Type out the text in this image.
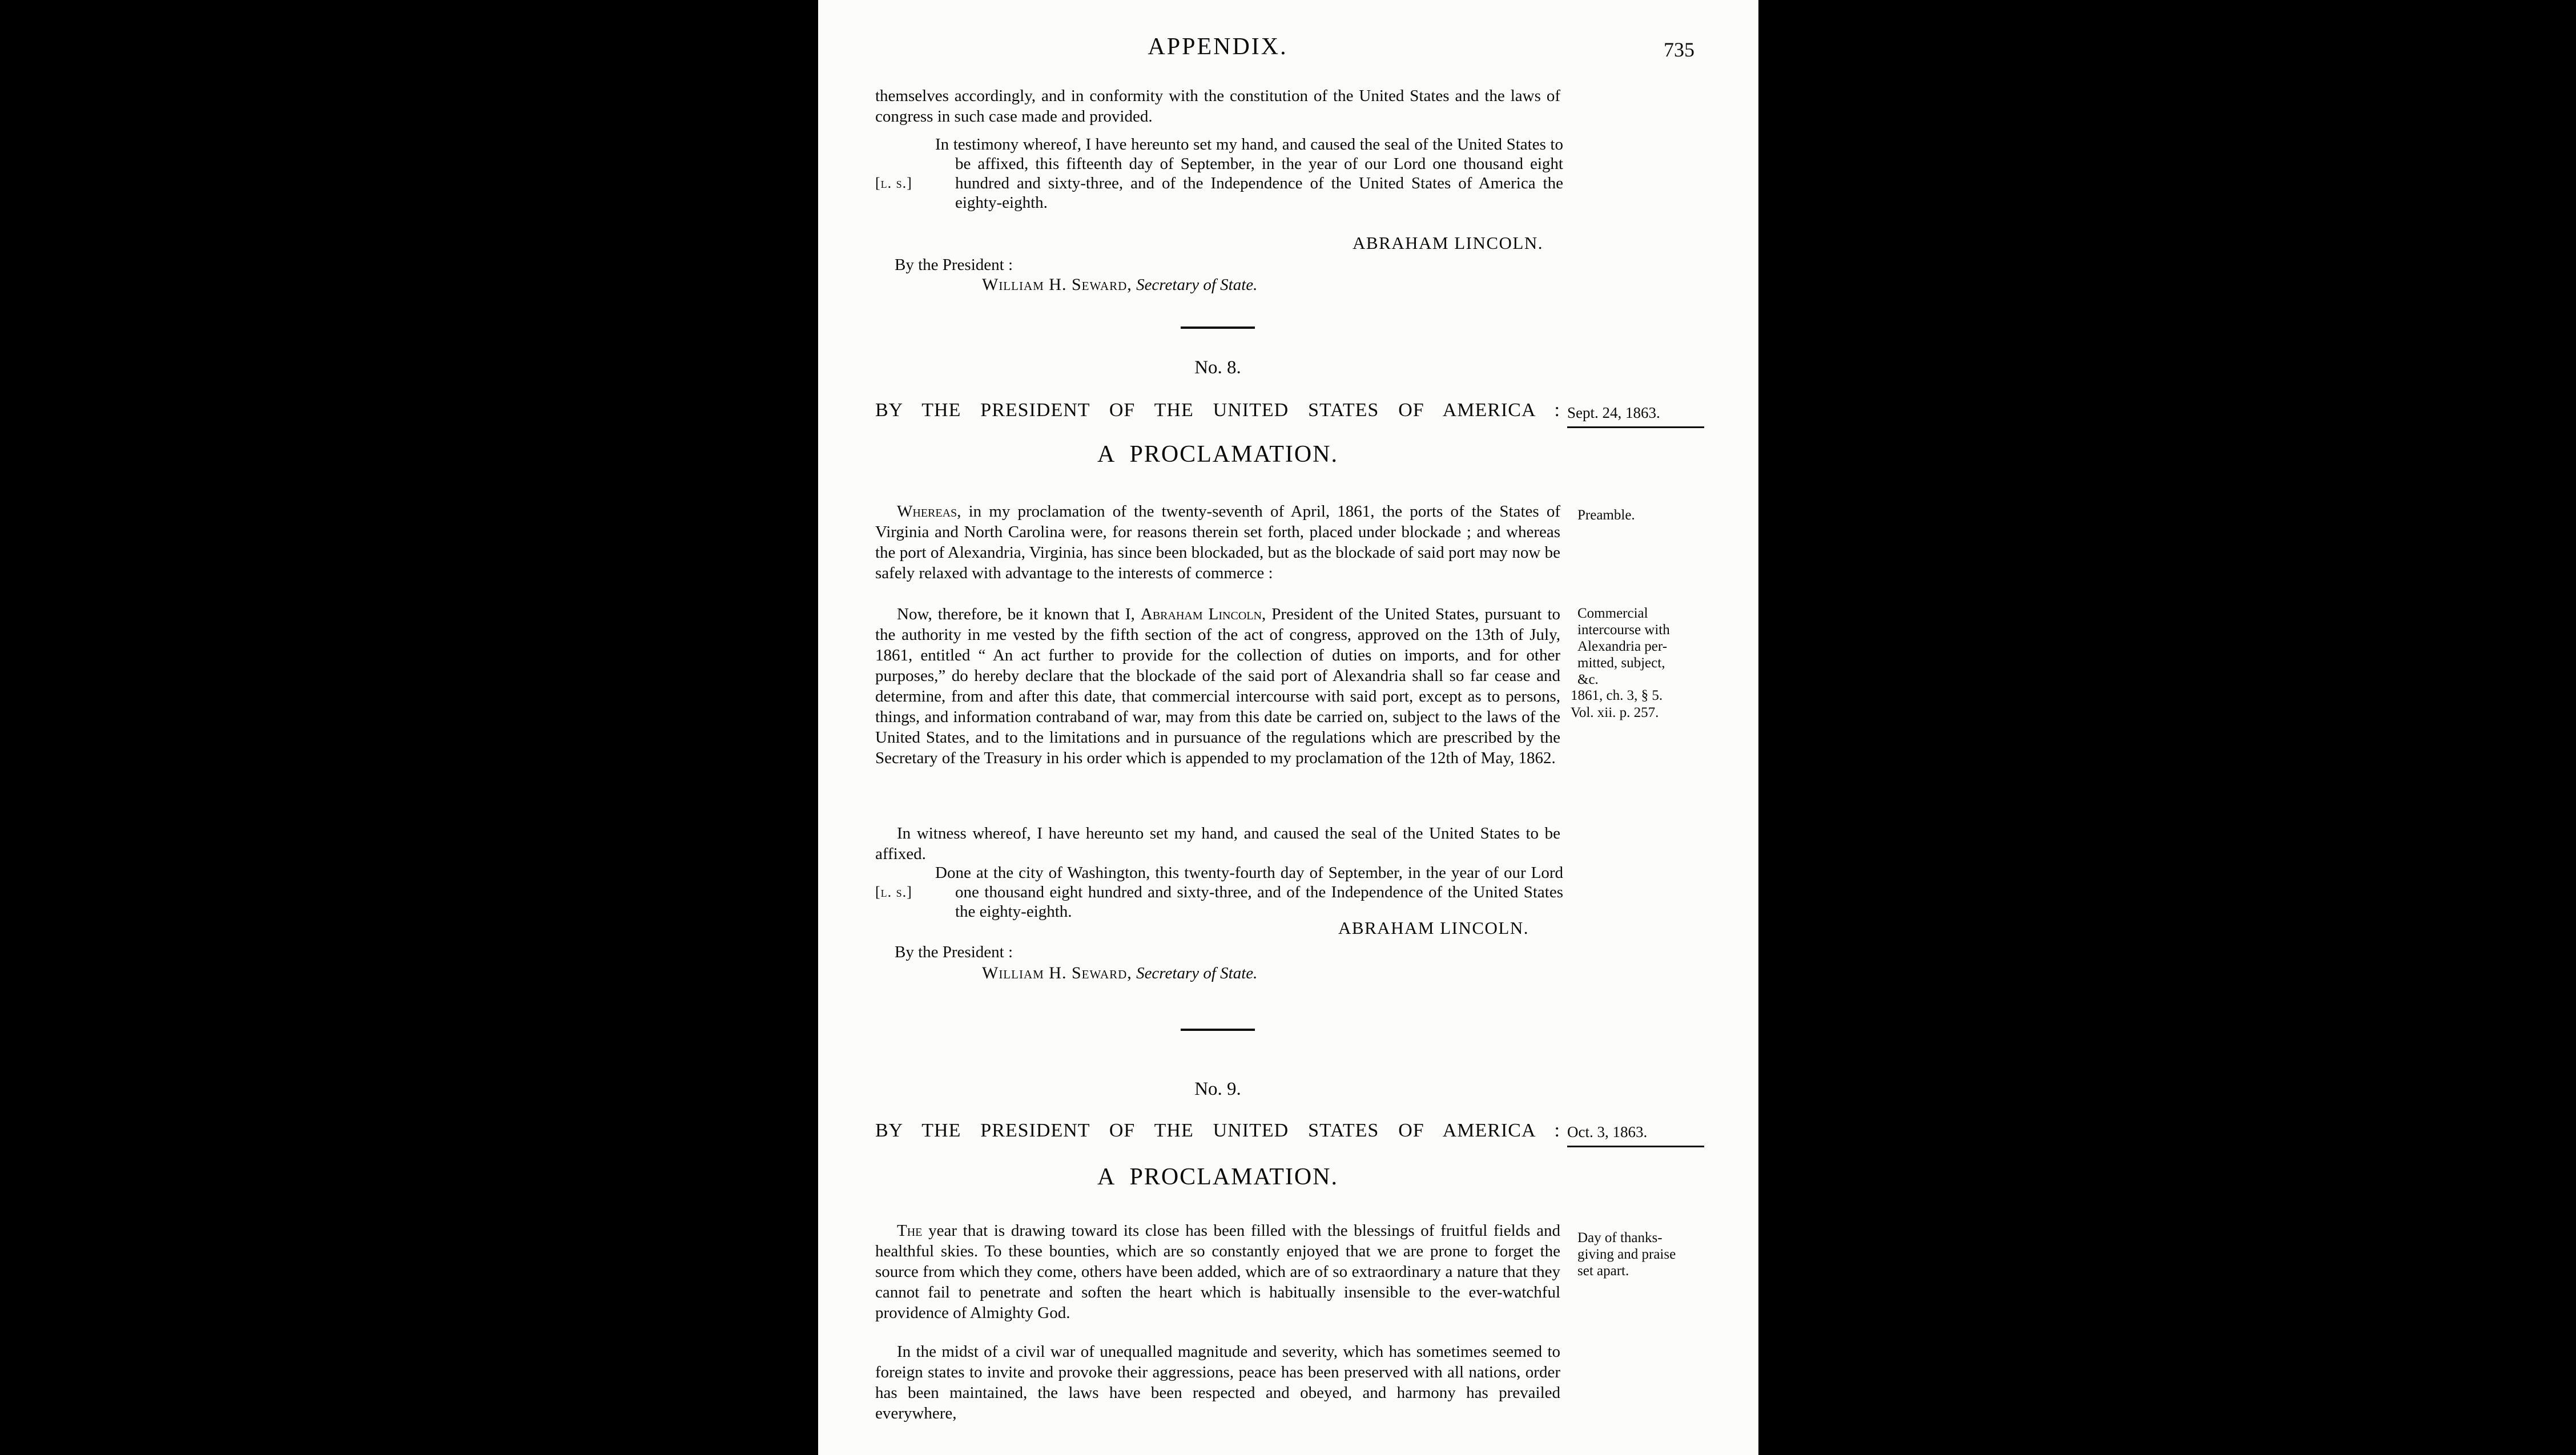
APPENDIX.	735
themselves accordingly, and in conformity with the constitution of the United States and the laws of congress in such case made and provided.
[l. s.]
In testimony whereof, I have hereunto set my hand, and caused the seal of the United States to be affixed, this fifteenth day of September, in the year of our Lord one thousand eight hundred and sixty-three, and of the Independence of the United States of America the eighty-eighth.
ABRAHAM LINCOLN.
By the President :
William H. Seward, Secretary of State.
No. 8.
BY THE PRESIDENT OF THE UNITED STATES OF AMERICA : Sept. 24, 1863.
A PROCLAMATION.
Whereas, in my proclamation of the twenty-seventh of April, 1861, the ports of the States of Virginia and North Carolina were, for reasons therein set forth, placed under blockade ; and whereas the port of Alexandria, Virginia, has since been blockaded, but as the blockade of said port may now be safely relaxed with advantage to the interests of commerce :
Preamble.
Now, therefore, be it known that I, Abraham Lincoln, President of the United States, pursuant to the authority in me vested by the fifth section of the act of congress, approved on the 13th of July, 1861, entitled “ An act further to provide for the collection of duties on imports, and for other purposes,” do hereby declare that the blockade of the said port of Alexandria shall so far cease and determine, from and after this date, that commercial intercourse with said port, except as to persons, things, and information contraband of war, may from this date be carried on, subject to the laws of the United States, and to the limitations and in pursuance of the regulations which are prescribed by the Secretary of the Treasury in his order which is appended to my proclamation of the 12th of May, 1862.
Commercial
intercourse with
Alexandria per-
mitted, subject,
&c.
1861, ch. 3, § 5.
Vol. xii. p. 257.
In witness whereof, I have hereunto set my hand, and caused the seal of the United States to be affixed.
[l. s.]
Done at the city of Washington, this twenty-fourth day of September, in the year of our Lord one thousand eight hundred and sixty-three, and of the Independence of the United States the eighty-eighth.
ABRAHAM LINCOLN.
By the President :
William H. Seward, Secretary of State.
No. 9.
BY THE PRESIDENT OF THE UNITED STATES OF AMERICA : Oct. 3, 1863.
A PROCLAMATION.
The year that is drawing toward its close has been filled with the blessings of fruitful fields and healthful skies. To these bounties, which are so constantly enjoyed that we are prone to forget the source from which they come, others have been added, which are of so extraordinary a nature that they cannot fail to penetrate and soften the heart which is habitually insensible to the ever-watchful providence of Almighty God.
Day of thanks-
giving and praise
set apart.
In the midst of a civil war of unequalled magnitude and severity, which has sometimes seemed to foreign states to invite and provoke their aggressions, peace has been preserved with all nations, order has been maintained, the laws have been respected and obeyed, and harmony has prevailed everywhere,
